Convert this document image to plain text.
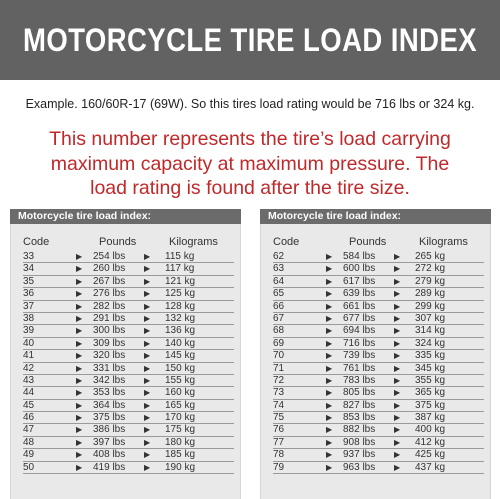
MOTORCYCLE TIRE LOAD INDEX
Example. 160/60R-17 (69W). So this tires load rating would be 716 lbs or 324 kg.
This number represents the tire’s load carrying
maximum capacity at maximum pressure. The
load rating is found after the tire size.
Motorcycle tire load index:
Code	Pounds	Kilograms
33	▶ 254 lbs ▶ 115 kg
34	▶ 260 lbs ▶ 117 kg
35	▶ 267 lbs ▶ 121 kg
36	▶ 276 lbs ▶ 125 kg
37	▶ 282 lbs ▶ 128 kg
38	▶ 291 lbs ▶ 132 kg
39	▶ 300 lbs ▶ 136 kg
40	▶ 309 lbs ▶ 140 kg
41	▶ 320 lbs ▶ 145 kg
42	▶ 331 lbs ▶ 150 kg
43	▶ 342 lbs ▶ 155 kg
44	▶ 353 lbs ▶ 160 kg
45	▶ 364 lbs ▶ 165 kg
46	▶ 375 lbs ▶ 170 kg
47	▶ 386 lbs ▶ 175 kg
48	▶ 397 lbs ▶ 180 kg
49	▶ 408 lbs ▶ 185 kg
50	▶ 419 lbs ▶ 190 kg
Motorcycle tire load index:
Code	Pounds	Kilograms
62	▶ 584 lbs ▶ 265 kg
63	▶ 600 lbs ▶ 272 kg
64	▶ 617 lbs ▶ 279 kg
65	▶ 639 lbs ▶ 289 kg
66	▶ 661 lbs ▶ 299 kg
67	▶ 677 lbs ▶ 307 kg
68	▶ 694 lbs ▶ 314 kg
69	▶ 716 lbs ▶ 324 kg
70	▶ 739 lbs ▶ 335 kg
71	▶ 761 lbs ▶ 345 kg
72	▶ 783 lbs ▶ 355 kg
73	▶ 805 lbs ▶ 365 kg
74	▶ 827 lbs ▶ 375 kg
75	▶ 853 lbs ▶ 387 kg
76	▶ 882 lbs ▶ 400 kg
77	▶ 908 lbs ▶ 412 kg
78	▶ 937 lbs ▶ 425 kg
79	▶ 963 lbs ▶ 437 kg
